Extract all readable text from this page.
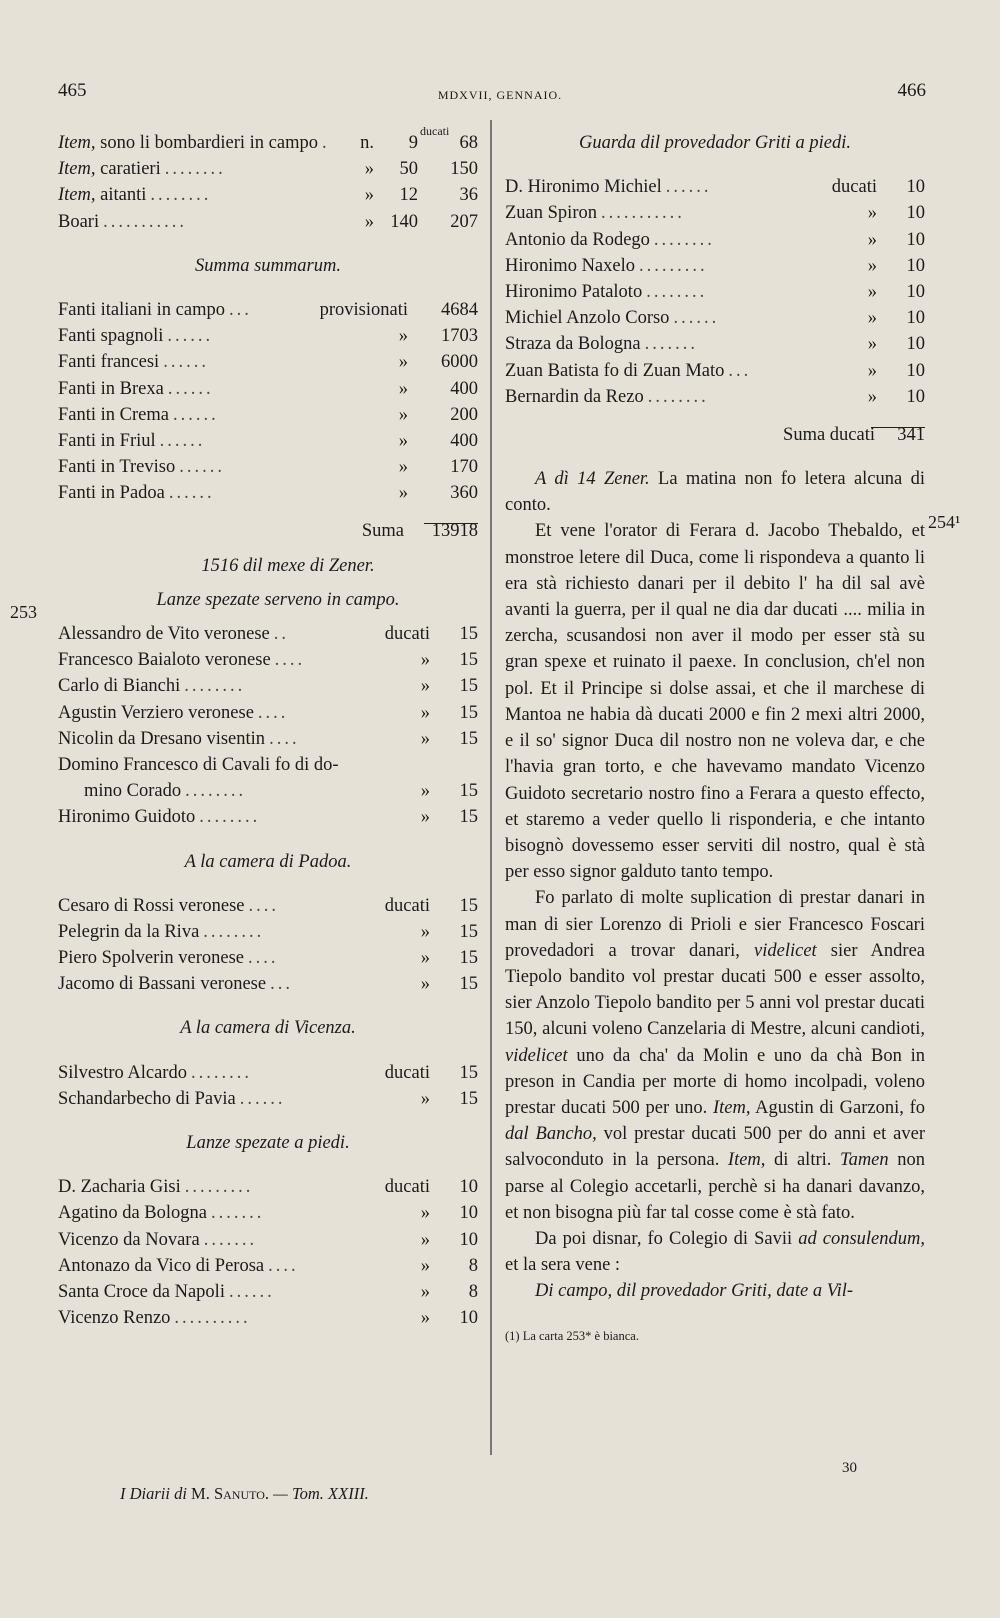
465	MDXVII, GENNAIO.	466
ducati
253
254¹
Item, sono li bombardieri in campo .	n.	9	68
Item, caratieri ........	»	50	150
Item, aitanti ........	»	12	36
Boari ...........	» 140	207
Summa summarum.
Fanti italiani in campo ...	provisionati	4684
Fanti spagnoli ......	»	1703
Fanti francesi ......	»	6000
Fanti in Brexa ......	»	400
Fanti in Crema ......	»	200
Fanti in Friul ......	»	400
Fanti in Treviso ......	»	170
Fanti in Padoa ......	»	360
Suma	13918
1516 dil mexe di Zener.
Lanze spezate serveno in campo.
Alessandro de Vito veronese ..	ducati	15
Francesco Baialoto veronese ....	»	15
Carlo di Bianchi ........	»	15
Agustin Verziero veronese ....	»	15
Nicolin da Dresano visentin ....	»	15
Domino Francesco di Cavali fo di do-
mino Corado ........	»	15
Hironimo Guidoto ........	»	15
A la camera di Padoa.
Cesaro di Rossi veronese ....	ducati	15
Pelegrin da la Riva ........	»	15
Piero Spolverin veronese ....	»	15
Jacomo di Bassani veronese ...	»	15
A la camera di Vicenza.
Silvestro Alcardo ........	ducati	15
Schandarbecho di Pavia ......	»	15
Lanze spezate a piedi.
D. Zacharia Gisi .........	ducati	10
Agatino da Bologna .......	»	10
Vicenzo da Novara .......	»	10
Antonazo da Vico di Perosa ....	»	8
Santa Croce da Napoli ......	»	8
Vicenzo Renzo ..........	»	10
Guarda dil provedador Griti a piedi.
D. Hironimo Michiel ......	ducati	10
Zuan Spiron ...........	»	10
Antonio da Rodego ........	»	10
Hironimo Naxelo .........	»	10
Hironimo Pataloto ........	»	10
Michiel Anzolo Corso ......	»	10
Straza da Bologna .......	»	10
Zuan Batista fo di Zuan Mato ...	»	10
Bernardin da Rezo ........	»	10
Suma ducati	341
A dì 14 Zener. La matina non fo letera alcuna di conto.
Et vene l'orator di Ferara d. Jacobo Thebaldo, et monstroe letere dil Duca, come li rispondeva a quanto li era stà richiesto danari per il debito l' ha dil sal avè avanti la guerra, per il qual ne dia dar ducati .... milia in zercha, scusandosi non aver il modo per esser stà su gran spexe et ruinato il paexe. In conclusion, ch'el non pol. Et il Principe si dolse assai, et che il marchese di Mantoa ne habia dà ducati 2000 e fin 2 mexi altri 2000, e il so' signor Duca dil nostro non ne voleva dar, e che l'havia gran torto, e che havevamo mandato Vicenzo Guidoto secretario nostro fino a Ferara a questo effecto, et staremo a veder quello li risponderia, e che intanto bisognò dovessemo esser serviti dil nostro, qual è stà per esso signor galduto tanto tempo.
Fo parlato di molte suplication di prestar danari in man di sier Lorenzo di Prioli e sier Francesco Foscari provedadori a trovar danari, videlicet sier Andrea Tiepolo bandito vol prestar ducati 500 e esser assolto, sier Anzolo Tiepolo bandito per 5 anni vol prestar ducati 150, alcuni voleno Canzelaria di Mestre, alcuni candioti, videlicet uno da cha' da Molin e uno da chà Bon in preson in Candia per morte di homo incolpadi, voleno prestar ducati 500 per uno. Item, Agustin di Garzoni, fo dal Bancho, vol prestar ducati 500 per do anni et aver salvoconduto in la persona. Item, di altri. Tamen non parse al Colegio accetarli, perchè si ha danari davanzo, et non bisogna più far tal cosse come è stà fato.
Da poi disnar, fo Colegio di Savii ad consulendum, et la sera vene :
Di campo, dil provedador Griti, date a Vil-
(1) La carta 253* è bianca.
30
I Diarii di M. Sanuto. — Tom. XXIII.
